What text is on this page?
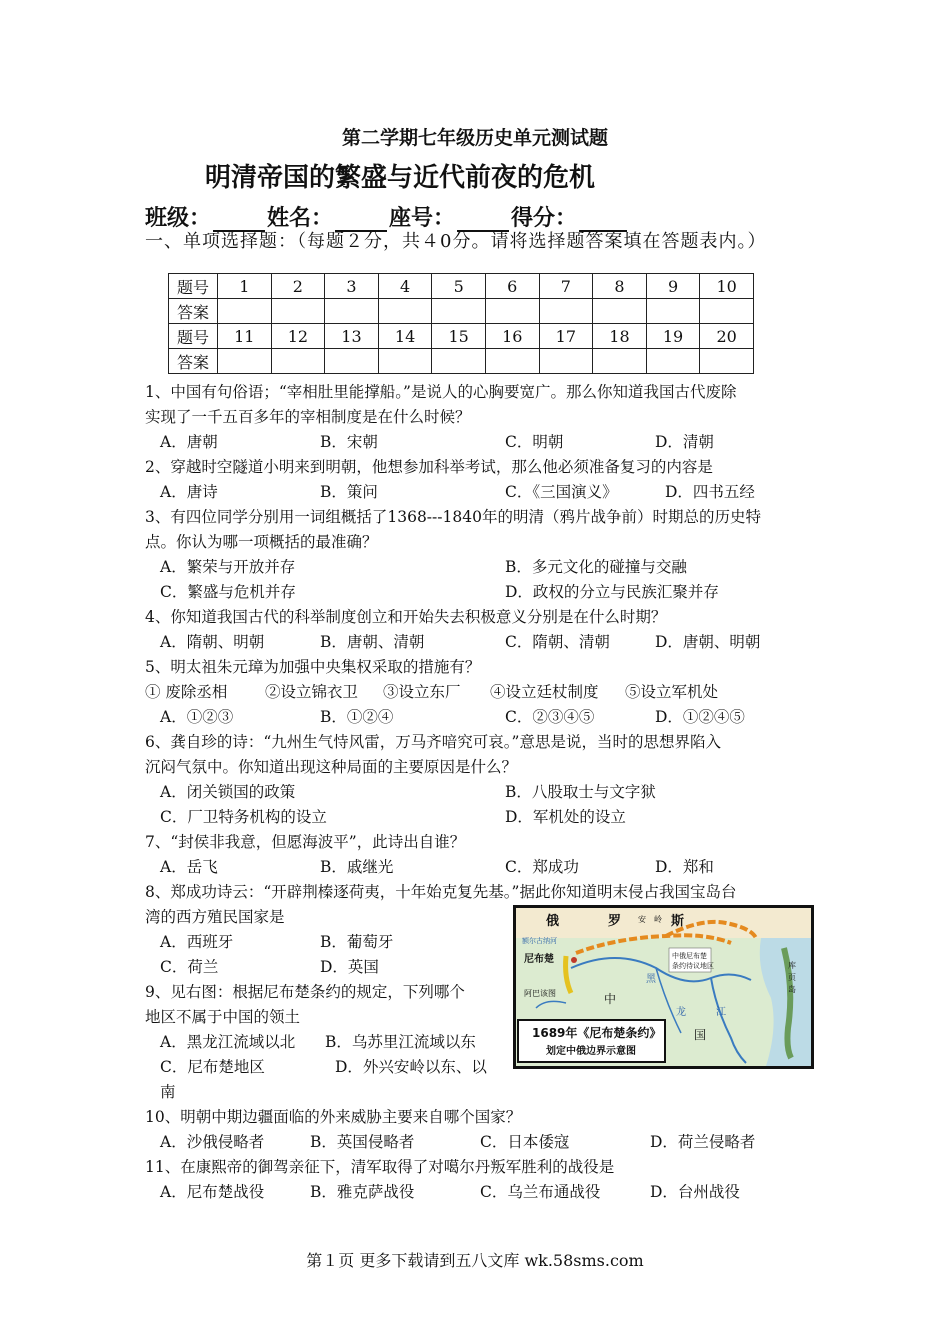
第二学期七年级历史单元测试题
明清帝国的繁盛与近代前夜的危机
班级：	姓名：	座号：	得分：
一、单项选择题：（每题２分，共４0分。请将选择题答案填在答题表内。）
题号	1	2	3	4	5	6	7	8	9	10
答案										
题号	11	12	13	14	15	16	17	18	19	20
答案										
1、中国有句俗语；“宰相肚里能撑船。”是说人的心胸要宽广。那么你知道我国古代废除
实现了一千五百多年的宰相制度是在什么时候？
A．唐朝	B．宋朝	C．明朝	D．清朝
2、穿越时空隧道小明来到明朝，他想参加科举考试，那么他必须准备复习的内容是
A．唐诗	B．策问	C．《三国演义》	D．四书五经
3、有四位同学分别用一词组概括了1368---1840年的明清（鸦片战争前）时期总的历史特
点。你认为哪一项概括的最准确？
A．繁荣与开放并存	B．多元文化的碰撞与交融
C．繁盛与危机并存	D．政权的分立与民族汇聚并存
4、你知道我国古代的科举制度创立和开始失去积极意义分别是在什么时期？
A．隋朝、明朝	B．唐朝、清朝	C．隋朝、清朝	D．唐朝、明朝
5、明太祖朱元璋为加强中央集权采取的措施有？
① 废除丞相 ②设立锦衣卫 ③设立东厂 ④设立廷杖制度 ⑤设立军机处
A．①②③	B．①②④	C．②③④⑤	D．①②④⑤
6、龚自珍的诗：“九州生气恃风雷，万马齐喑究可哀。”意思是说，当时的思想界陷入
沉闷气氛中。你知道出现这种局面的主要原因是什么？
A．闭关锁国的政策	B．八股取士与文字狱
C．厂卫特务机构的设立	D．军机处的设立
7、“封侯非我意，但愿海波平”，此诗出自谁？
A．岳飞	B．戚继光	C．郑成功	D．郑和
8、郑成功诗云：“开辟荆榛逐荷夷，十年始克复先基。”据此你知道明末侵占我国宝岛台
湾的西方殖民国家是
A．西班牙	B．葡萄牙
C．荷兰	D．英国
9、见右图：根据尼布楚条约的规定，下列哪个
地区不属于中国的领土
A．黑龙江流域以北 B．乌苏里江流域以东
C．尼布楚地区	D．外兴安岭以东、以
南
10、明朝中期边疆面临的外来威胁主要来自哪个国家？
A．沙俄侵略者	B．英国侵略者	C．日本倭寇	D．荷兰侵略者
11、在康熙帝的御驾亲征下，清军取得了对噶尔丹叛军胜利的战役是
A．尼布楚战役	B．雅克萨战役	C．乌兰布通战役	D．台州战役
俄	罗	斯
安 岭
额尔古纳河
尼布楚	中俄尼布楚
条约待议地区
阿巴该图	中
国
黑
龙	江
库
页
岛
1689年《尼布楚条约》
划定中俄边界示意图
第１页 更多下载请到五八文库 wk.58sms.com
